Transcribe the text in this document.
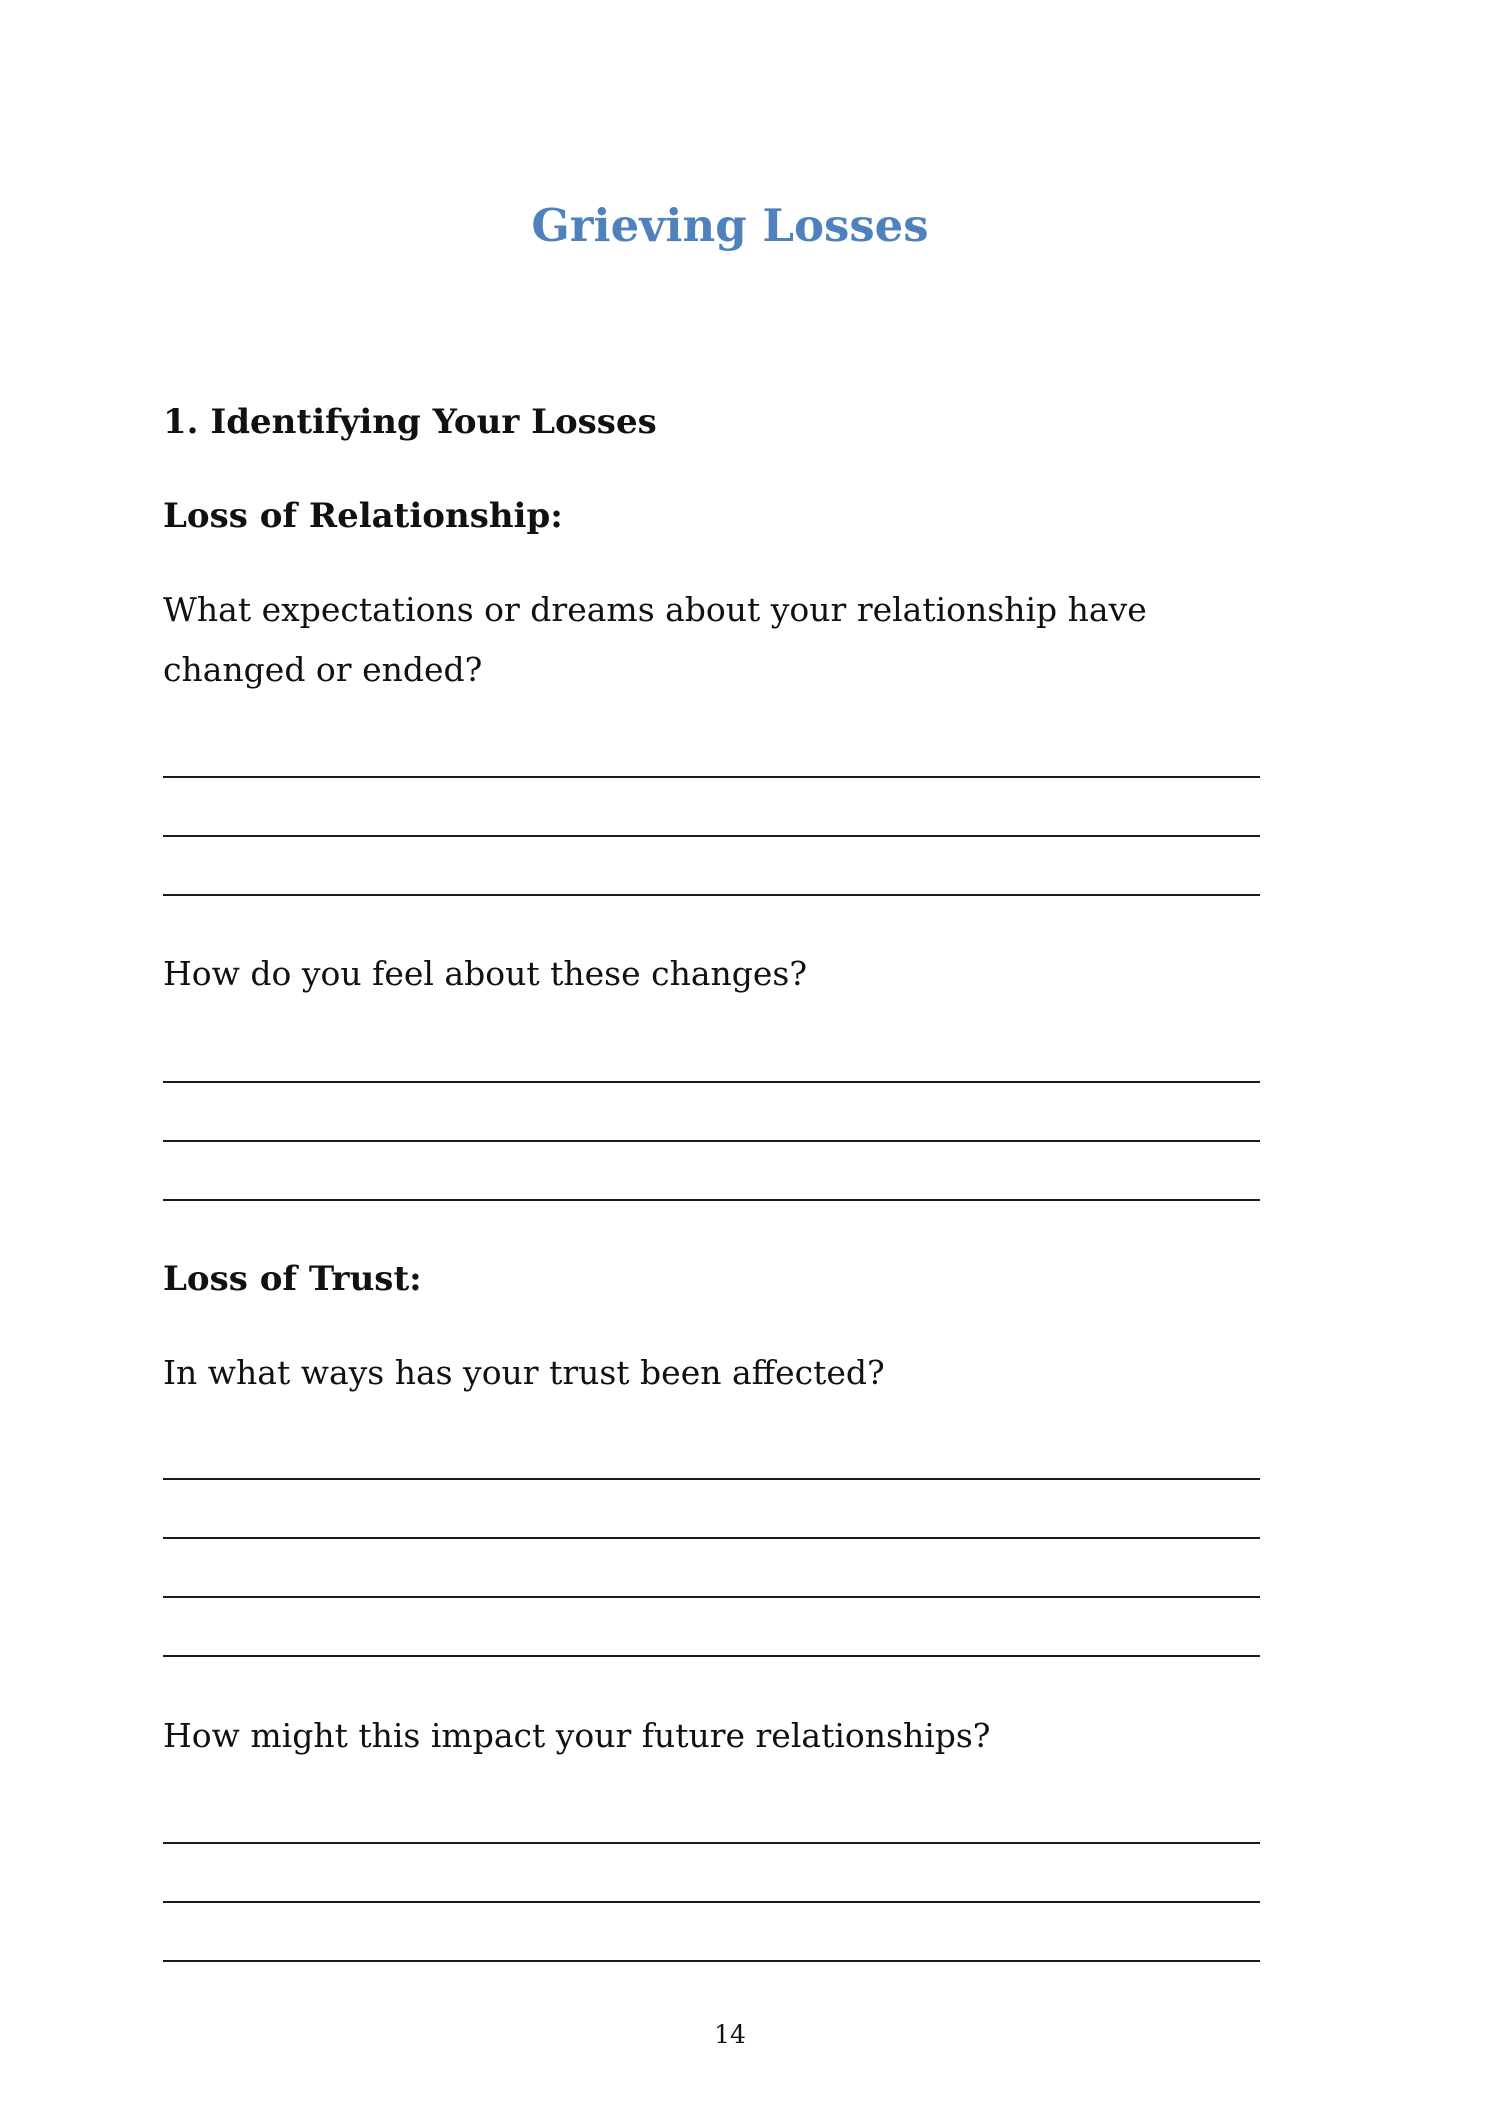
Grieving Losses
1. Identifying Your Losses
Loss of Relationship:

What expectations or dreams about your relationship have changed or ended?

How do you feel about these changes?

Loss of Trust:

In what ways has your trust been affected?

How might this impact your future relationships?

14
